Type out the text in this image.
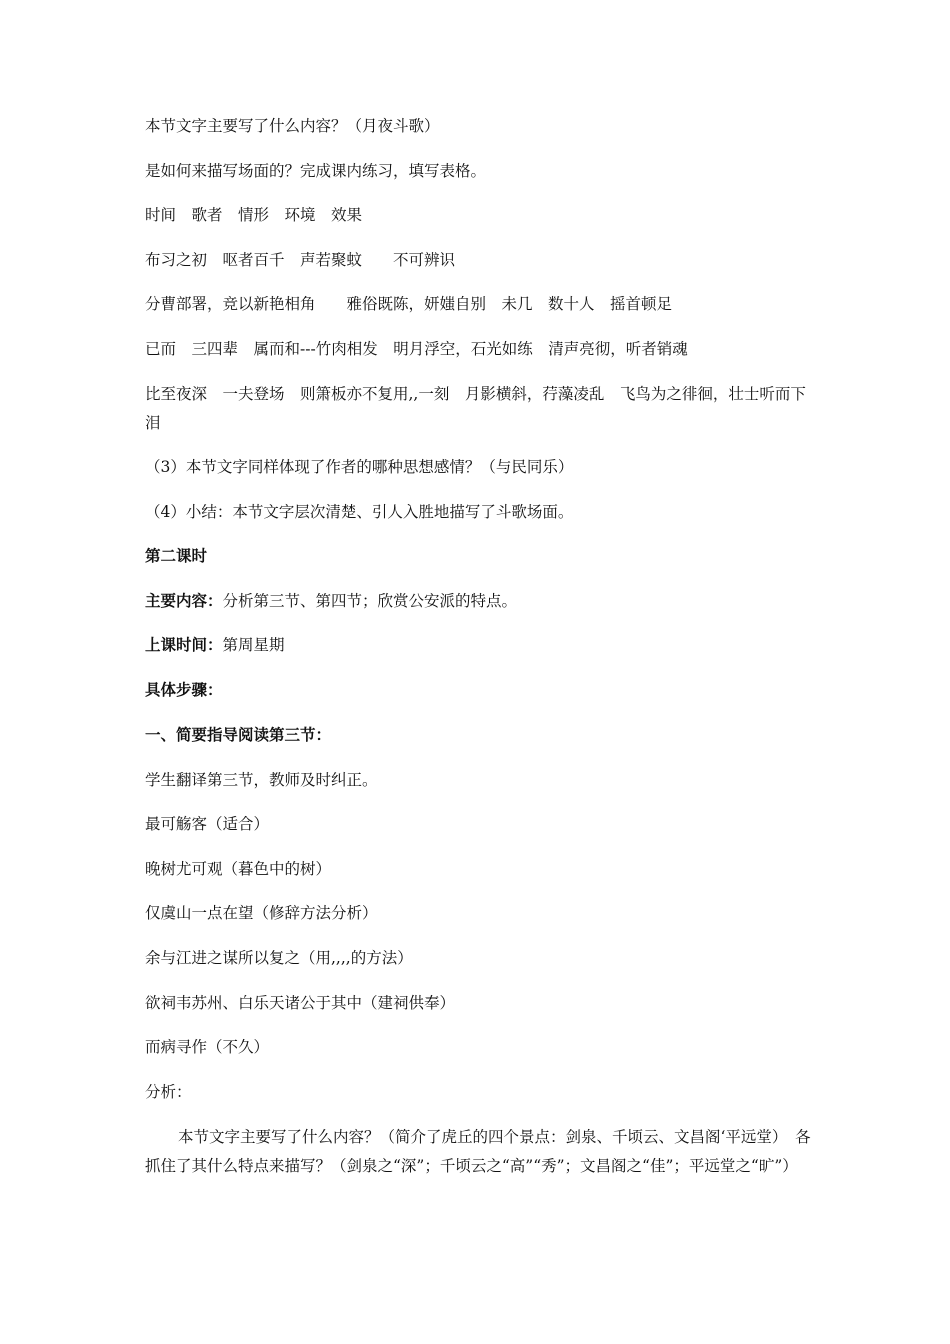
本节文字主要写了什么内容？（月夜斗歌）
是如何来描写场面的？完成课内练习，填写表格。
时间　歌者　情形　环境　效果
布习之初　呕者百千　声若聚蚊　　不可辨识
分曹部署，竞以新艳相角　　雅俗既陈，妍媸自别　未几　数十人　摇首顿足
已而　三四辈　属而和---竹肉相发　明月浮空，石光如练　清声亮彻，听者销魂
比至夜深　一夫登场　则箫板亦不复用,,一刻　月影横斜，荇藻凌乱　飞鸟为之徘徊，壮士听而下泪
（3）本节文字同样体现了作者的哪种思想感情？（与民同乐）
（4）小结：本节文字层次清楚、引人入胜地描写了斗歌场面。
第二课时
主要内容：分析第三节、第四节；欣赏公安派的特点。
上课时间：第周星期
具体步骤：
一、简要指导阅读第三节：
学生翻译第三节，教师及时纠正。
最可觞客（适合）
晚树尤可观（暮色中的树）
仅虞山一点在望（修辞方法分析）
余与江进之谋所以复之（用,,,,的方法）
欲祠韦苏州、白乐天诸公于其中（建祠供奉）
而病寻作（不久）
分析：
本节文字主要写了什么内容？（简介了虎丘的四个景点：剑泉、千顷云、文昌阁‘平远堂）　各抓住了其什么特点来描写？（剑泉之“深”；千顷云之“高”“秀”；文昌阁之“佳”；平远堂之“旷”）
